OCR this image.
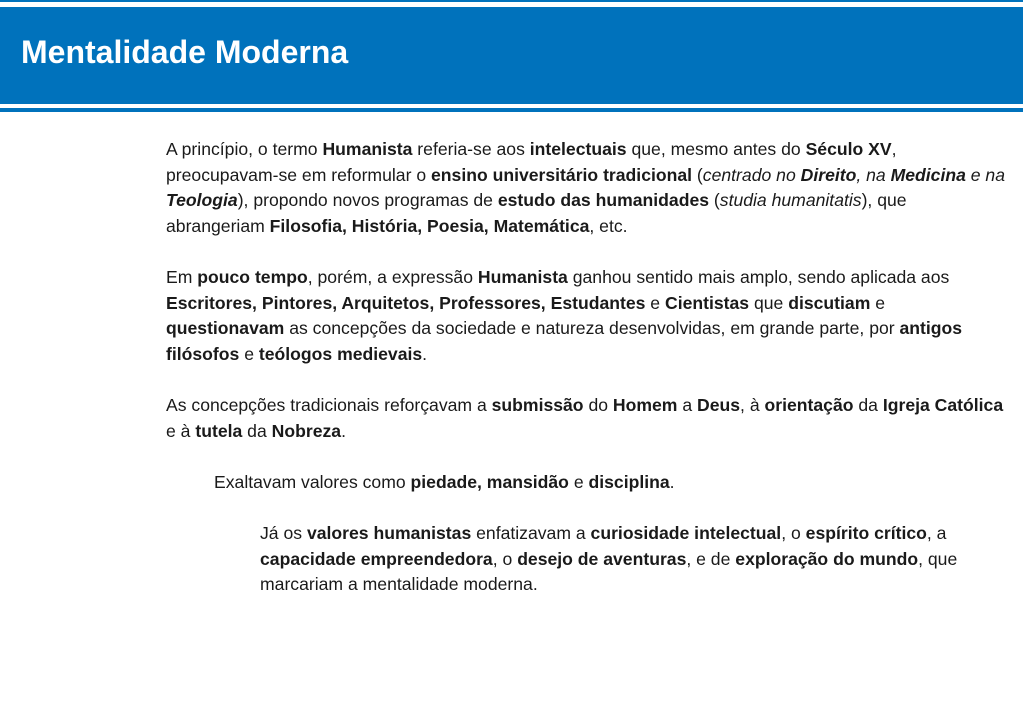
Mentalidade Moderna

A princípio, o termo Humanista referia-se aos intelectuais que, mesmo antes do Século XV, preocupavam-se em reformular o ensino universitário tradicional (centrado no Direito, na Medicina e na Teologia), propondo novos programas de estudo das humanidades (studia humanitatis), que abrangeriam Filosofia, História, Poesia, Matemática, etc.

Em pouco tempo, porém, a expressão Humanista ganhou sentido mais amplo, sendo aplicada aos Escritores, Pintores, Arquitetos, Professores, Estudantes e Cientistas que discutiam e questionavam as concepções da sociedade e natureza desenvolvidas, em grande parte, por antigos filósofos e teólogos medievais.

As concepções tradicionais reforçavam a submissão do Homem a Deus, à orientação da Igreja Católica e à tutela da Nobreza.

Exaltavam valores como piedade, mansidão e disciplina.

Já os valores humanistas enfatizavam a curiosidade intelectual, o espírito crítico, a capacidade empreendedora, o desejo de aventuras, e de exploração do mundo, que marcariam a mentalidade moderna.
